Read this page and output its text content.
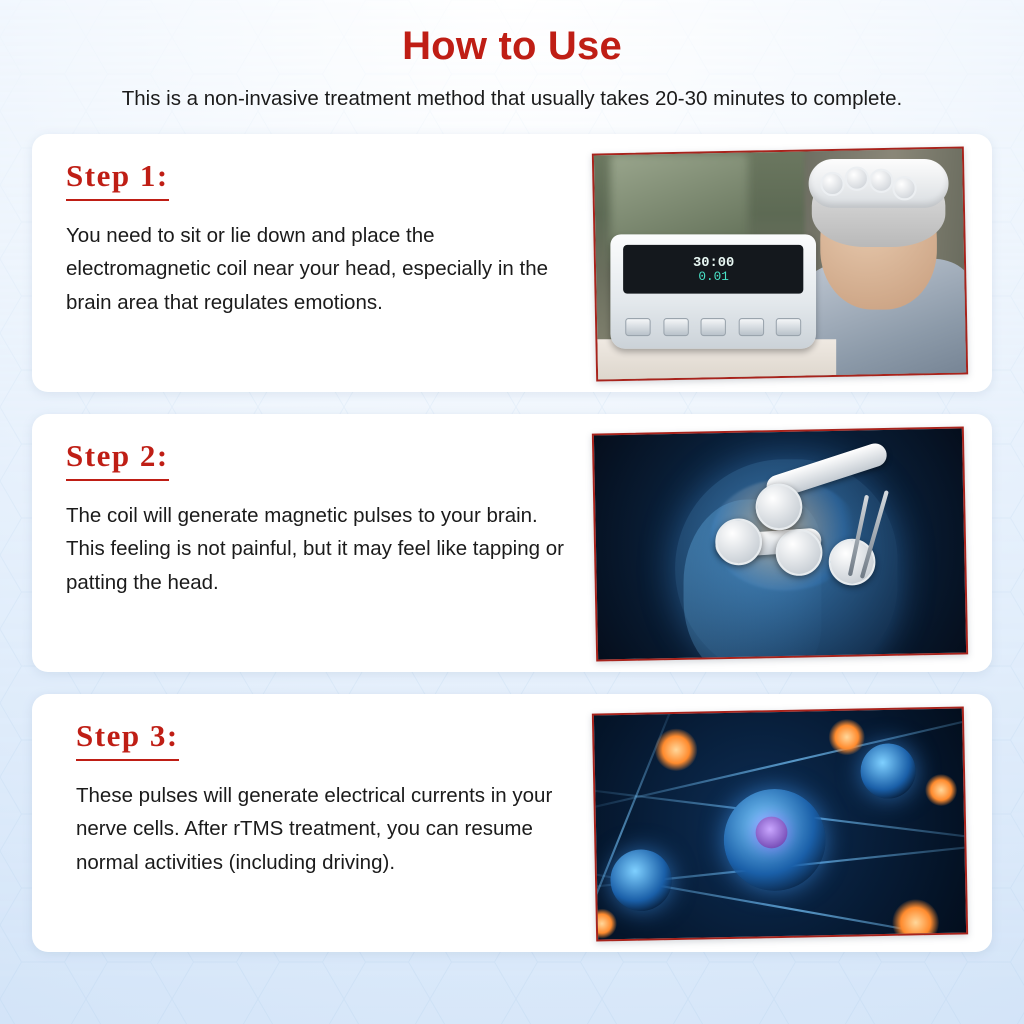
How to Use

This is a non-invasive treatment method that usually takes 20-30 minutes to complete.

Step 1:

You need to sit or lie down and place the electromagnetic coil near your head, especially in the brain area that regulates emotions.

30:00
0.01
Step 2:

The coil will generate magnetic pulses to your brain. This feeling is not painful, but it may feel like tapping or patting the head.

Step 3:

These pulses will generate electrical currents in your nerve cells. After rTMS treatment, you can resume normal activities (including driving).
